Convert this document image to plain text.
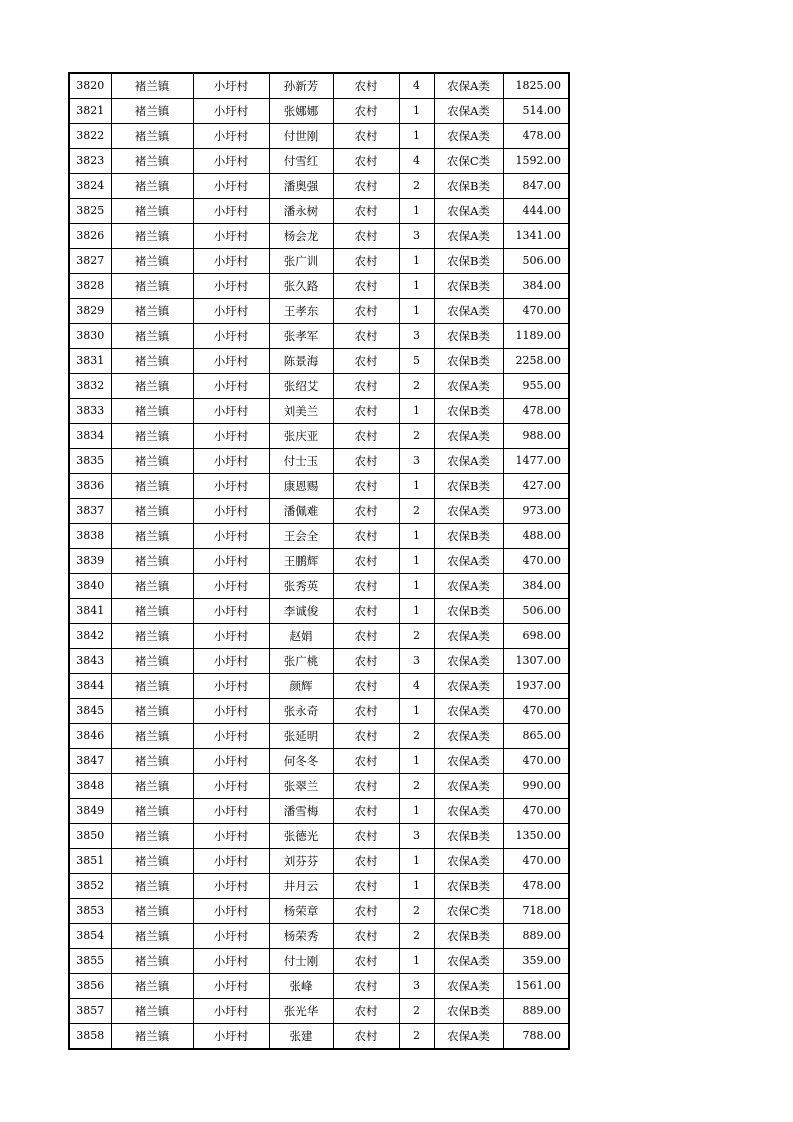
3820	褚兰镇	小圩村	孙新芳	农村	4	农保A类	1825.00
3821	褚兰镇	小圩村	张娜娜	农村	1	农保A类	514.00
3822	褚兰镇	小圩村	付世刚	农村	1	农保A类	478.00
3823	褚兰镇	小圩村	付雪红	农村	4	农保C类	1592.00
3824	褚兰镇	小圩村	潘奥强	农村	2	农保B类	847.00
3825	褚兰镇	小圩村	潘永树	农村	1	农保A类	444.00
3826	褚兰镇	小圩村	杨会龙	农村	3	农保A类	1341.00
3827	褚兰镇	小圩村	张广训	农村	1	农保B类	506.00
3828	褚兰镇	小圩村	张久路	农村	1	农保B类	384.00
3829	褚兰镇	小圩村	王孝东	农村	1	农保A类	470.00
3830	褚兰镇	小圩村	张孝军	农村	3	农保B类	1189.00
3831	褚兰镇	小圩村	陈景海	农村	5	农保B类	2258.00
3832	褚兰镇	小圩村	张绍艾	农村	2	农保A类	955.00
3833	褚兰镇	小圩村	刘美兰	农村	1	农保B类	478.00
3834	褚兰镇	小圩村	张庆亚	农村	2	农保A类	988.00
3835	褚兰镇	小圩村	付士玉	农村	3	农保A类	1477.00
3836	褚兰镇	小圩村	康恩赐	农村	1	农保B类	427.00
3837	褚兰镇	小圩村	潘佩难	农村	2	农保A类	973.00
3838	褚兰镇	小圩村	王会全	农村	1	农保B类	488.00
3839	褚兰镇	小圩村	王鹏辉	农村	1	农保A类	470.00
3840	褚兰镇	小圩村	张秀英	农村	1	农保A类	384.00
3841	褚兰镇	小圩村	李诚俊	农村	1	农保B类	506.00
3842	褚兰镇	小圩村	赵娟	农村	2	农保A类	698.00
3843	褚兰镇	小圩村	张广桃	农村	3	农保A类	1307.00
3844	褚兰镇	小圩村	颜辉	农村	4	农保A类	1937.00
3845	褚兰镇	小圩村	张永奇	农村	1	农保A类	470.00
3846	褚兰镇	小圩村	张延明	农村	2	农保A类	865.00
3847	褚兰镇	小圩村	何冬冬	农村	1	农保A类	470.00
3848	褚兰镇	小圩村	张翠兰	农村	2	农保A类	990.00
3849	褚兰镇	小圩村	潘雪梅	农村	1	农保A类	470.00
3850	褚兰镇	小圩村	张德光	农村	3	农保B类	1350.00
3851	褚兰镇	小圩村	刘芬芬	农村	1	农保A类	470.00
3852	褚兰镇	小圩村	井月云	农村	1	农保B类	478.00
3853	褚兰镇	小圩村	杨荣章	农村	2	农保C类	718.00
3854	褚兰镇	小圩村	杨荣秀	农村	2	农保B类	889.00
3855	褚兰镇	小圩村	付士刚	农村	1	农保A类	359.00
3856	褚兰镇	小圩村	张峰	农村	3	农保A类	1561.00
3857	褚兰镇	小圩村	张光华	农村	2	农保B类	889.00
3858	褚兰镇	小圩村	张建	农村	2	农保A类	788.00
